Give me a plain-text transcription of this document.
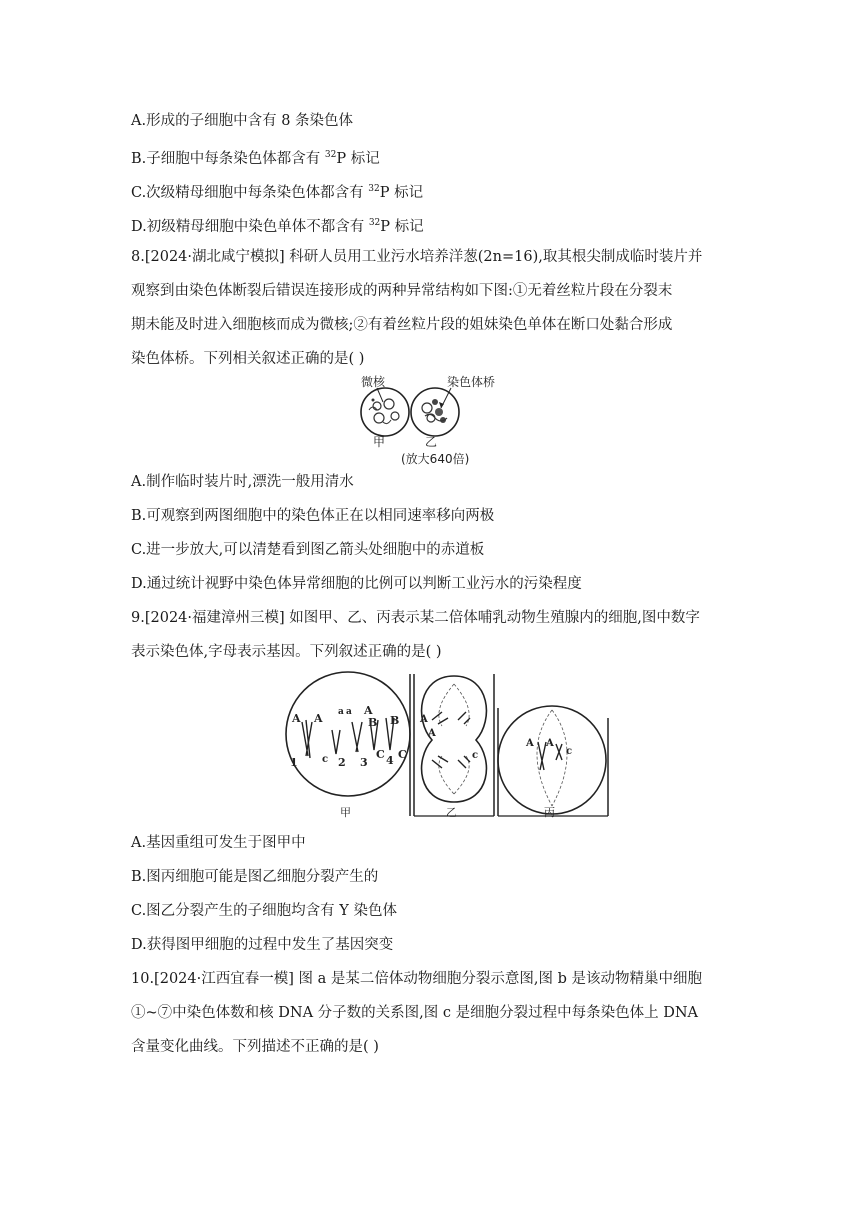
A.形成的子细胞中含有 8 条染色体
B.子细胞中每条染色体都含有 $^{32}$P 标记
C.次级精母细胞中每条染色体都含有 $^{32}$P 标记
D.初级精母细胞中染色单体不都含有 $^{32}$P 标记
8.[2024·湖北咸宁模拟] 科研人员用工业污水培养洋葱(2n=16),取其根尖制成临时装片并
观察到由染色体断裂后错误连接形成的两种异常结构如下图:①无着丝粒片段在分裂末
期未能及时进入细胞核而成为微核;②有着丝粒片段的姐妹染色单体在断口处黏合形成
染色体桥。下列相关叙述正确的是( )
微核	染色体桥
甲	乙
(放大640倍)
A.制作临时装片时,漂洗一般用清水
B.可观察到两图细胞中的染色体正在以相同速率移向两极
C.进一步放大,可以清楚看到图乙箭头处细胞中的赤道板
D.通过统计视野中染色体异常细胞的比例可以判断工业污水的污染程度
9.[2024·福建漳州三模] 如图甲、乙、丙表示某二倍体哺乳动物生殖腺内的细胞,图中数字
表示染色体,字母表示基因。下列叙述正确的是( )
A A a a A
B B
c	C C
1	2 3 4
甲
A
A
c
乙
A A
c
丙
A.基因重组可发生于图甲中
B.图丙细胞可能是图乙细胞分裂产生的
C.图乙分裂产生的子细胞均含有 Y 染色体
D.获得图甲细胞的过程中发生了基因突变
10.[2024·江西宜春一模] 图 a 是某二倍体动物细胞分裂示意图,图 b 是该动物精巢中细胞
①~⑦中染色体数和核 DNA 分子数的关系图,图 c 是细胞分裂过程中每条染色体上 DNA
含量变化曲线。下列描述不正确的是( )
